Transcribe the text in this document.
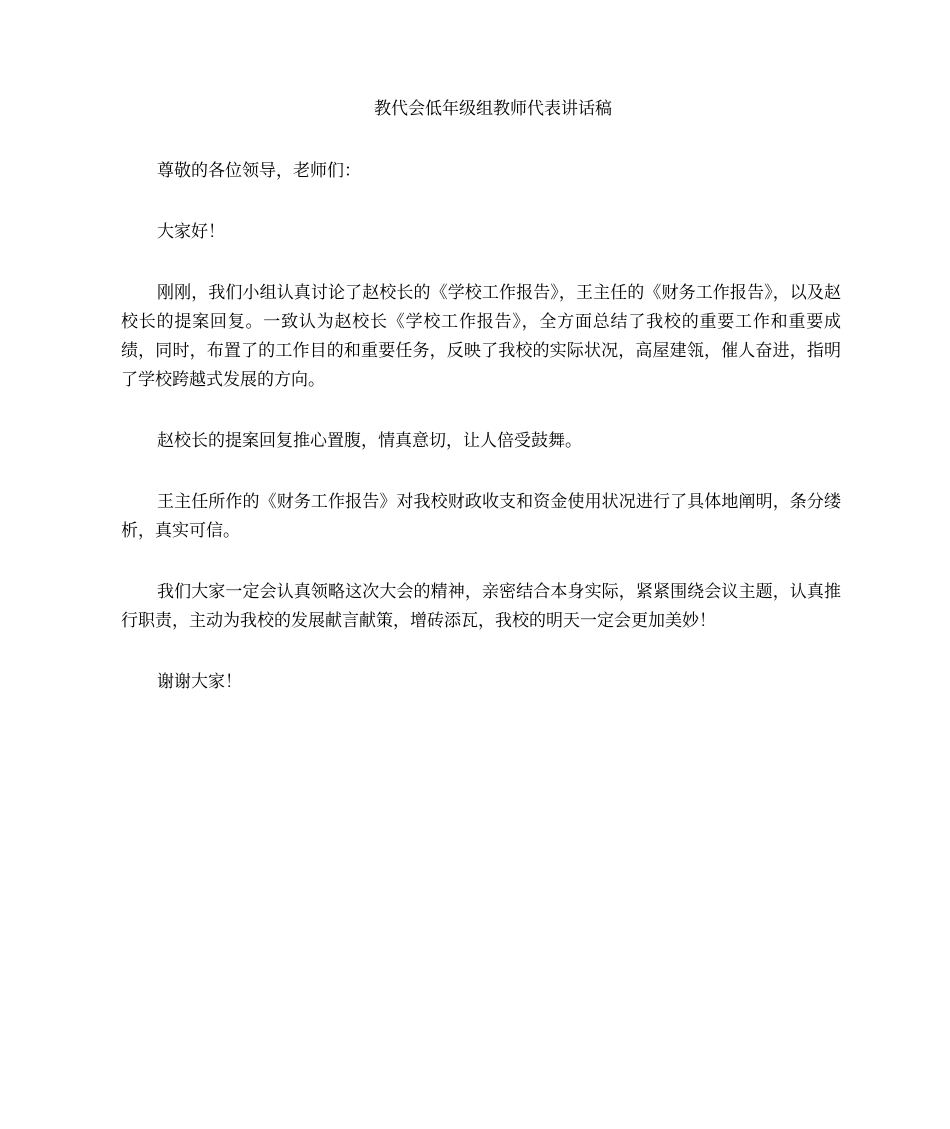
教代会低年级组教师代表讲话稿

尊敬的各位领导，老师们：

大家好！

刚刚，我们小组认真讨论了赵校长的《学校工作报告》，王主任的《财务工作报告》，以及赵校长的提案回复。一致认为赵校长《学校工作报告》，全方面总结了我校的重要工作和重要成绩，同时，布置了的工作目的和重要任务，反映了我校的实际状况，高屋建瓴，催人奋进，指明了学校跨越式发展的方向。

赵校长的提案回复推心置腹，情真意切，让人倍受鼓舞。

王主任所作的《财务工作报告》对我校财政收支和资金使用状况进行了具体地阐明，条分缕析，真实可信。

我们大家一定会认真领略这次大会的精神，亲密结合本身实际，紧紧围绕会议主题，认真推行职责，主动为我校的发展献言献策，增砖添瓦，我校的明天一定会更加美妙！

谢谢大家！
